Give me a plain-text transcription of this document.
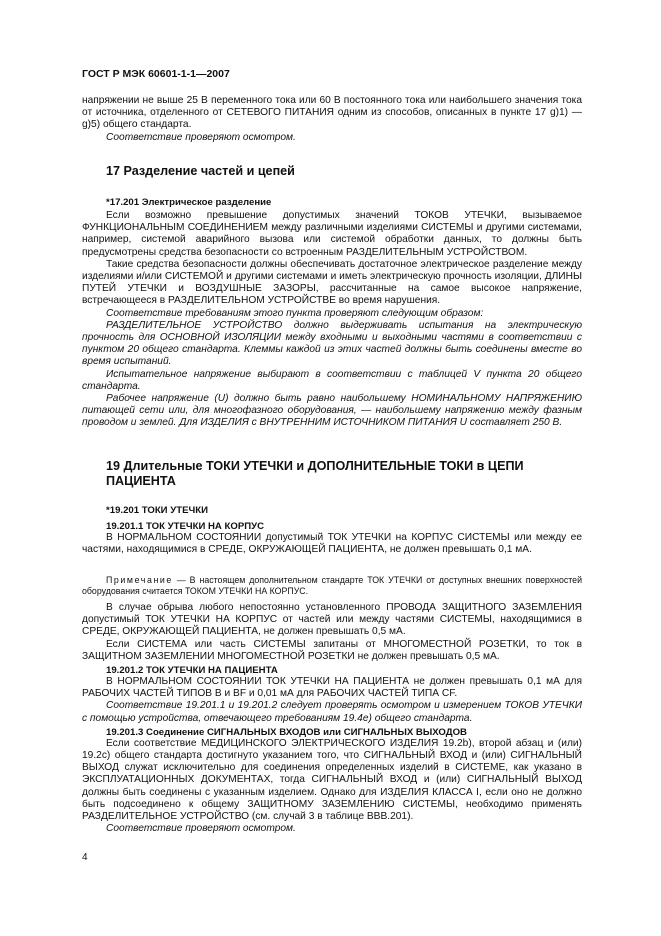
ГОСТ Р МЭК 60601-1-1—2007

напряжении не выше 25 В переменного тока или 60 В постоянного тока или наибольшего значения тока от источника, отделенного от СЕТЕВОГО ПИТАНИЯ одним из способов, описанных в пункте 17 g)1) — g)5) общего стандарта.

Соответствие проверяют осмотром.

17 Разделение частей и цепей

*17.201 Электрическое разделение

Если возможно превышение допустимых значений ТОКОВ УТЕЧКИ, вызываемое ФУНКЦИОНАЛЬНЫМ СОЕДИНЕНИЕМ между различными изделиями СИСТЕМЫ и другими системами, например, системой аварийного вызова или системой обработки данных, то должны быть предусмотрены средства безопасности со встроенным РАЗДЕЛИТЕЛЬНЫМ УСТРОЙСТВОМ.

Такие средства безопасности должны обеспечивать достаточное электрическое разделение между изделиями и/или СИСТЕМОЙ и другими системами и иметь электрическую прочность изоляции, ДЛИНЫ ПУТЕЙ УТЕЧКИ и ВОЗДУШНЫЕ ЗАЗОРЫ, рассчитанные на самое высокое напряжение, встречающееся в РАЗДЕЛИТЕЛЬНОМ УСТРОЙСТВЕ во время нарушения.

Соответствие требованиям этого пункта проверяют следующим образом:

РАЗДЕЛИТЕЛЬНОЕ УСТРОЙСТВО должно выдерживать испытания на электрическую прочность для ОСНОВНОЙ ИЗОЛЯЦИИ между входными и выходными частями в соответствии с пунктом 20 общего стандарта. Клеммы каждой из этих частей должны быть соединены вместе во время испытаний.

Испытательное напряжение выбирают в соответствии с таблицей V пункта 20 общего стандарта.

Рабочее напряжение (U) должно быть равно наибольшему НОМИНАЛЬНОМУ НАПРЯЖЕНИЮ питающей сети или, для многофазного оборудования, — наибольшему напряжению между фазным проводом и землей. Для ИЗДЕЛИЯ с ВНУТРЕННИМ ИСТОЧНИКОМ ПИТАНИЯ U составляет 250 В.

19 Длительные ТОКИ УТЕЧКИ и ДОПОЛНИТЕЛЬНЫЕ ТОКИ в ЦЕПИ ПАЦИЕНТА

*19.201 ТОКИ УТЕЧКИ

19.201.1 ТОК УТЕЧКИ НА КОРПУС

В НОРМАЛЬНОМ СОСТОЯНИИ допустимый ТОК УТЕЧКИ на КОРПУС СИСТЕМЫ или между ее частями, находящимися в СРЕДЕ, ОКРУЖАЮЩЕЙ ПАЦИЕНТА, не должен превышать 0,1 мА.

Примечание — В настоящем дополнительном стандарте ТОК УТЕЧКИ от доступных внешних поверхностей оборудования считается ТОКОМ УТЕЧКИ НА КОРПУС.

В случае обрыва любого непостоянно установленного ПРОВОДА ЗАЩИТНОГО ЗАЗЕМЛЕНИЯ допустимый ТОК УТЕЧКИ НА КОРПУС от частей или между частями СИСТЕМЫ, находящимися в СРЕДЕ, ОКРУЖАЮЩЕЙ ПАЦИЕНТА, не должен превышать 0,5 мА.

Если СИСТЕМА или часть СИСТЕМЫ запитаны от МНОГОМЕСТНОЙ РОЗЕТКИ, то ток в ЗАЩИТНОМ ЗАЗЕМЛЕНИИ МНОГОМЕСТНОЙ РОЗЕТКИ не должен превышать 0,5 мА.

19.201.2 ТОК УТЕЧКИ НА ПАЦИЕНТА

В НОРМАЛЬНОМ СОСТОЯНИИ ТОК УТЕЧКИ НА ПАЦИЕНТА не должен превышать 0,1 мА для РАБОЧИХ ЧАСТЕЙ ТИПОВ В и BF и 0,01 мА для РАБОЧИХ ЧАСТЕЙ ТИПА CF.

Соответствие 19.201.1 и 19.201.2 следует проверять осмотром и измерением ТОКОВ УТЕЧКИ с помощью устройства, отвечающего требованиям 19.4е) общего стандарта.

19.201.3 Соединение СИГНАЛЬНЫХ ВХОДОВ или СИГНАЛЬНЫХ ВЫХОДОВ

Если соответствие МЕДИЦИНСКОГО ЭЛЕКТРИЧЕСКОГО ИЗДЕЛИЯ 19.2b), второй абзац и (или) 19.2с) общего стандарта достигнуто указанием того, что СИГНАЛЬНЫЙ ВХОД и (или) СИГНАЛЬНЫЙ ВЫХОД служат исключительно для соединения определенных изделий в СИСТЕМЕ, как указано в ЭКСПЛУАТАЦИОННЫХ ДОКУМЕНТАХ, тогда СИГНАЛЬНЫЙ ВХОД и (или) СИГНАЛЬНЫЙ ВЫХОД должны быть соединены с указанным изделием. Однако для ИЗДЕЛИЯ КЛАССА I, если оно не должно быть подсоединено к общему ЗАЩИТНОМУ ЗАЗЕМЛЕНИЮ СИСТЕМЫ, необходимо применять РАЗДЕЛИТЕЛЬНОЕ УСТРОЙСТВО (см. случай 3 в таблице ВВВ.201).

Соответствие проверяют осмотром.

4
